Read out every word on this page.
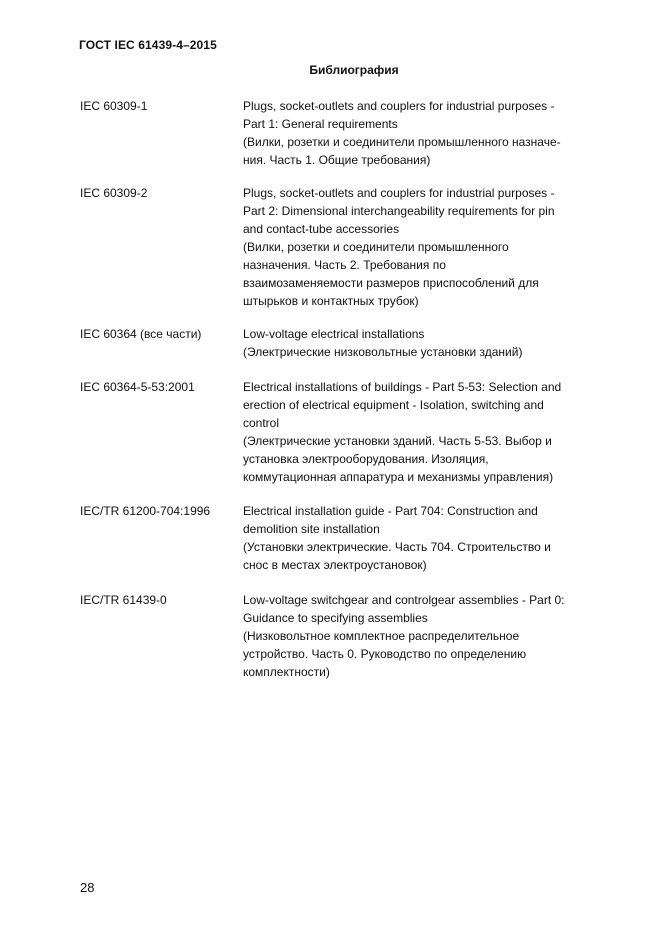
ГОСТ IEC 61439-4–2015
Библиография
IEC 60309-1	Plugs, socket-outlets and couplers for industrial purposes -
Part 1: General requirements
(Вилки, розетки и соединители промышленного назначе-
ния. Часть 1. Общие требования)
IEC 60309-2	Plugs, socket-outlets and couplers for industrial purposes -
Part 2: Dimensional interchangeability requirements for pin
and contact-tube accessories
(Вилки, розетки и соединители промышленного
назначения. Часть 2. Требования по
взаимозаменяемости размеров приспособлений для
штырьков и контактных трубок)
IEC 60364 (все части)	Low-voltage electrical installations
(Электрические низковольтные установки зданий)
IEC 60364-5-53:2001	Electrical installations of buildings - Part 5-53: Selection and
erection of electrical equipment - Isolation, switching and
control
(Электрические установки зданий. Часть 5-53. Выбор и
установка электрооборудования. Изоляция,
коммутационная аппаратура и механизмы управления)
IEC/TR 61200-704:1996	Electrical installation guide - Part 704: Construction and
demolition site installation
(Установки электрические. Часть 704. Строительство и
снос в местах электроустановок)
IEC/TR 61439-0	Low-voltage switchgear and controlgear assemblies - Part 0:
Guidance to specifying assemblies
(Низковольтное комплектное распределительное
устройство. Часть 0. Руководство по определению
комплектности)
28
